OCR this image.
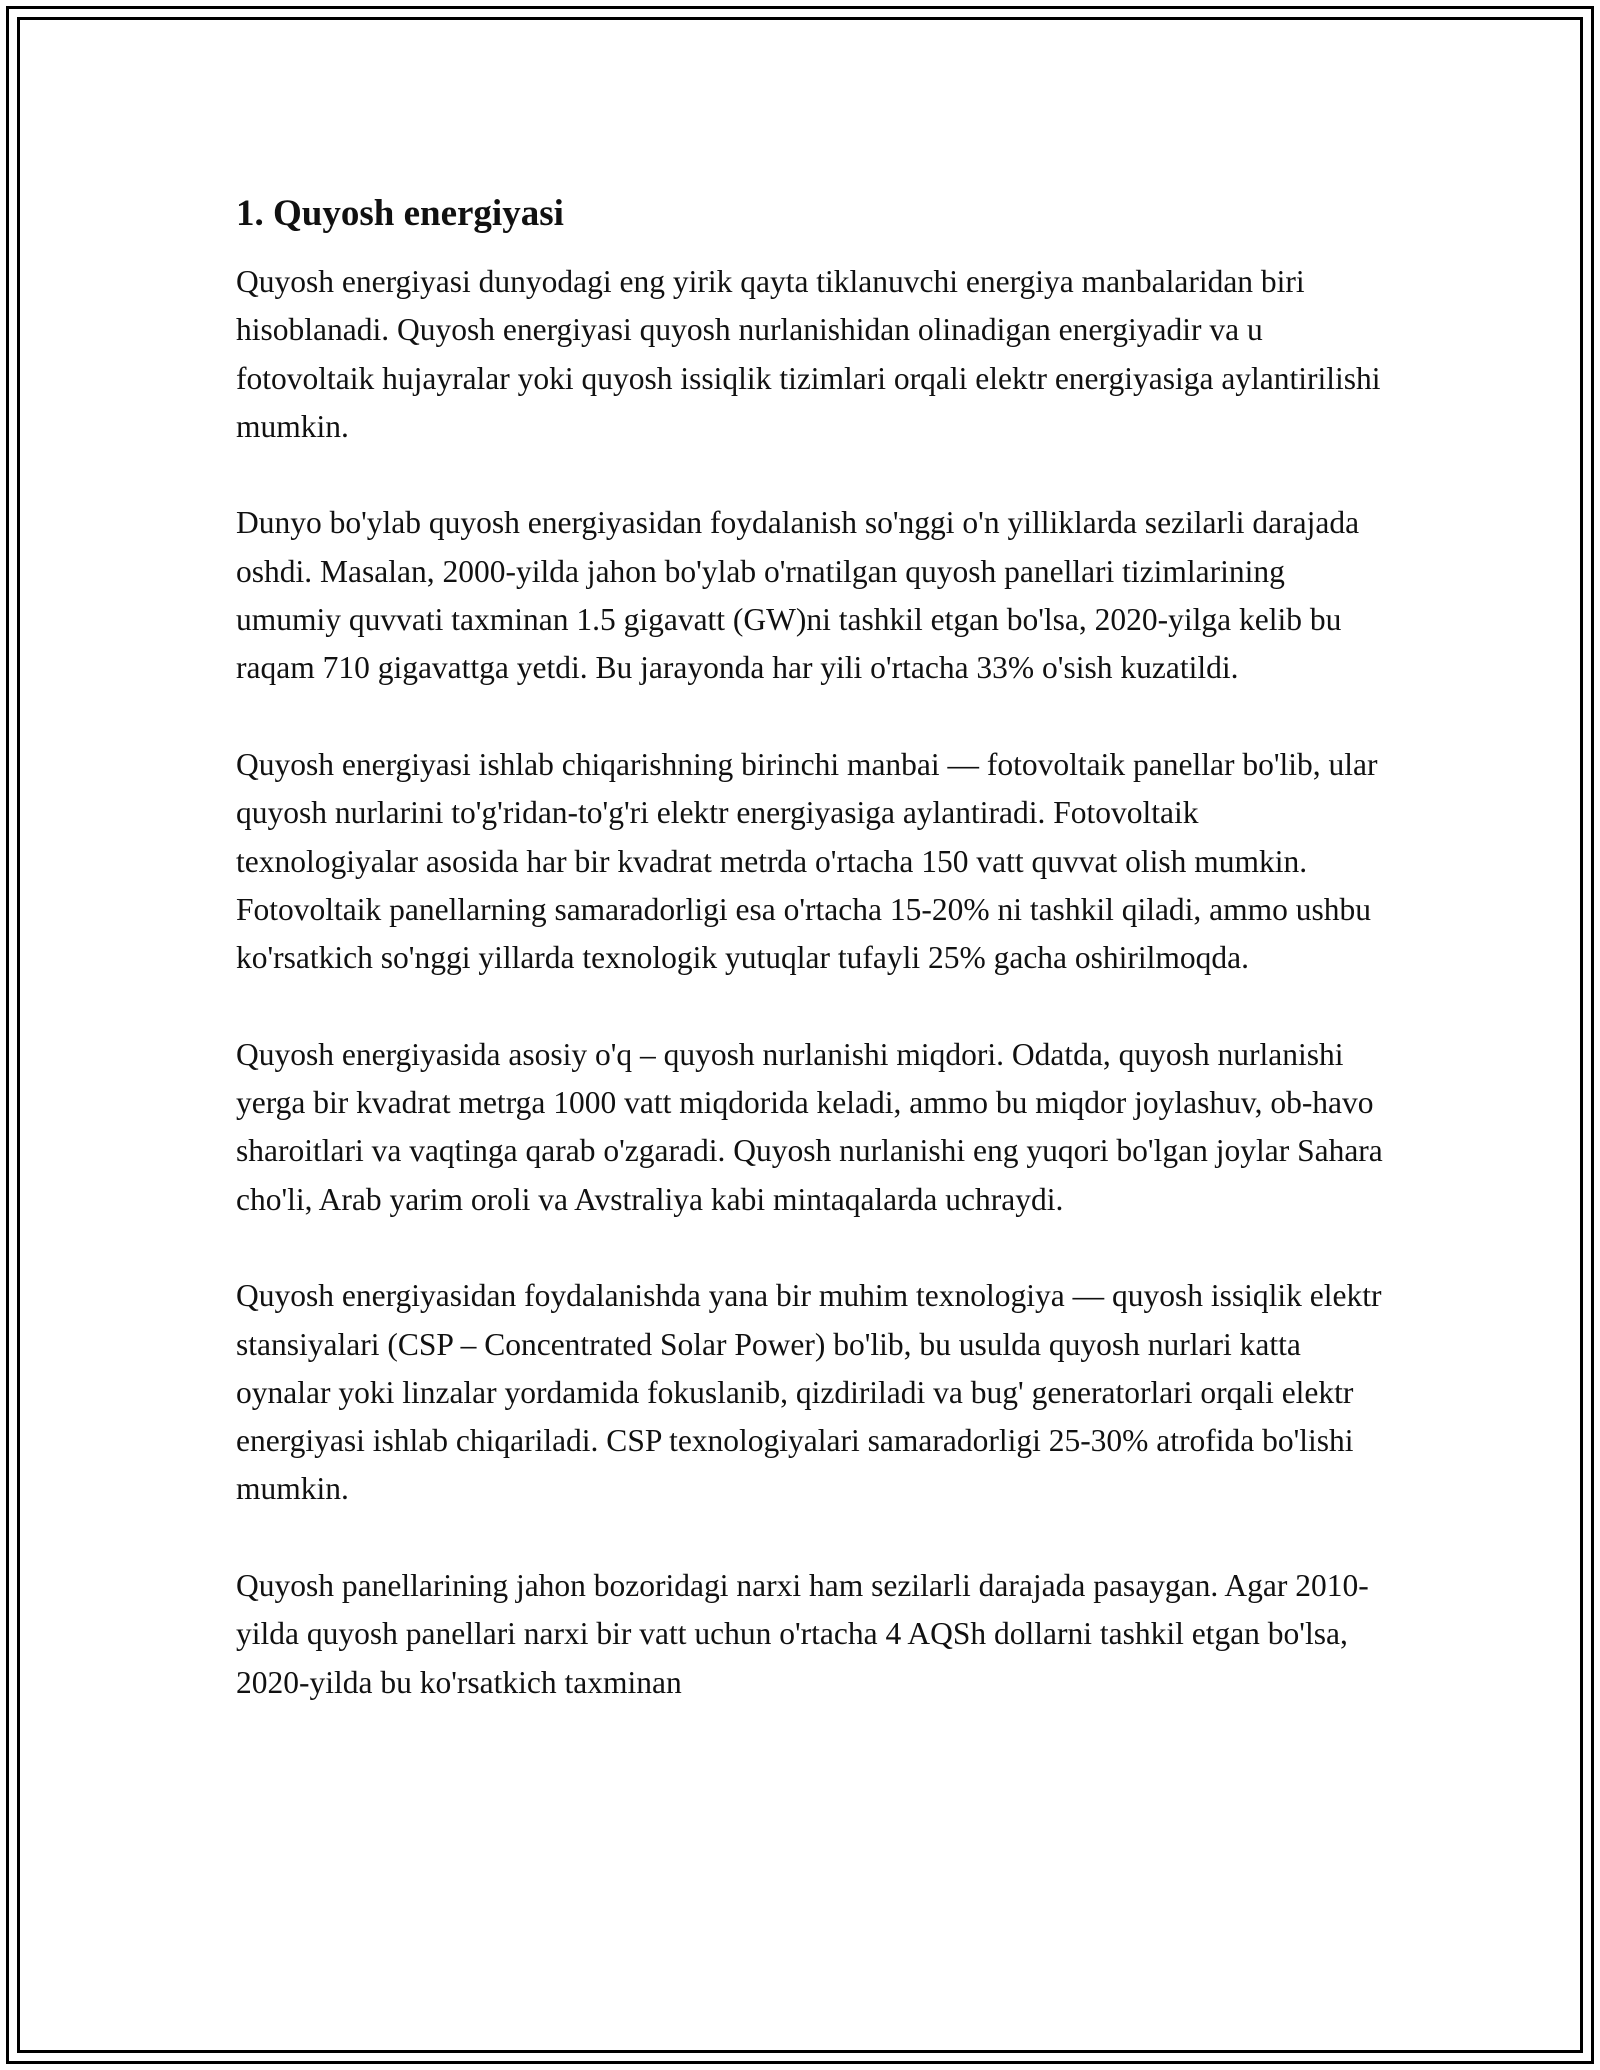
1. Quyosh energiyasi

Quyosh energiyasi dunyodagi eng yirik qayta tiklanuvchi energiya manbalaridan biri hisoblanadi. Quyosh energiyasi quyosh nurlanishidan olinadigan energiyadir va u fotovoltaik hujayralar yoki quyosh issiqlik tizimlari orqali elektr energiyasiga aylantirilishi mumkin.

Dunyo bo'ylab quyosh energiyasidan foydalanish so'nggi o'n yilliklarda sezilarli darajada oshdi. Masalan, 2000-yilda jahon bo'ylab o'rnatilgan quyosh panellari tizimlarining umumiy quvvati taxminan 1.5 gigavatt (GW)ni tashkil etgan bo'lsa, 2020-yilga kelib bu raqam 710 gigavattga yetdi. Bu jarayonda har yili o'rtacha 33% o'sish kuzatildi.

Quyosh energiyasi ishlab chiqarishning birinchi manbai — fotovoltaik panellar bo'lib, ular quyosh nurlarini to'g'ridan-to'g'ri elektr energiyasiga aylantiradi. Fotovoltaik texnologiyalar asosida har bir kvadrat metrda o'rtacha 150 vatt quvvat olish mumkin. Fotovoltaik panellarning samaradorligi esa o'rtacha 15-20% ni tashkil qiladi, ammo ushbu ko'rsatkich so'nggi yillarda texnologik yutuqlar tufayli 25% gacha oshirilmoqda.

Quyosh energiyasida asosiy o'q – quyosh nurlanishi miqdori. Odatda, quyosh nurlanishi yerga bir kvadrat metrga 1000 vatt miqdorida keladi, ammo bu miqdor joylashuv, ob-havo sharoitlari va vaqtinga qarab o'zgaradi. Quyosh nurlanishi eng yuqori bo'lgan joylar Sahara cho'li, Arab yarim oroli va Avstraliya kabi mintaqalarda uchraydi.

Quyosh energiyasidan foydalanishda yana bir muhim texnologiya — quyosh issiqlik elektr stansiyalari (CSP – Concentrated Solar Power) bo'lib, bu usulda quyosh nurlari katta oynalar yoki linzalar yordamida fokuslanib, qizdiriladi va bug' generatorlari orqali elektr energiyasi ishlab chiqariladi. CSP texnologiyalari samaradorligi 25-30% atrofida bo'lishi mumkin.

Quyosh panellarining jahon bozoridagi narxi ham sezilarli darajada pasaygan. Agar 2010-yilda quyosh panellari narxi bir vatt uchun o'rtacha 4 AQSh dollarni tashkil etgan bo'lsa, 2020-yilda bu ko'rsatkich taxminan
